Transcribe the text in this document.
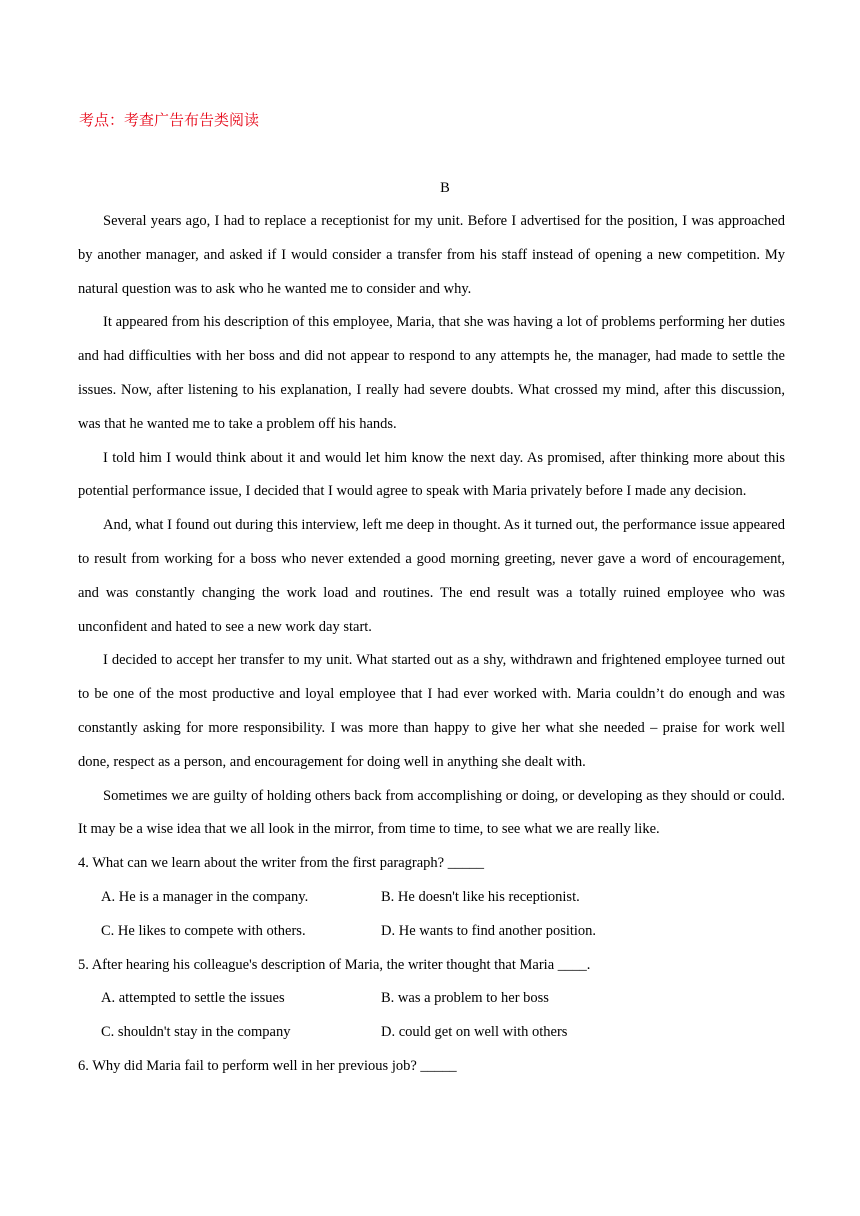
考点：考查广告布告类阅读
B

Several years ago, I had to replace a receptionist for my unit. Before I advertised for the position, I was approached by another manager, and asked if I would consider a transfer from his staff instead of opening a new competition. My natural question was to ask who he wanted me to consider and why.

It appeared from his description of this employee, Maria, that she was having a lot of problems performing her duties and had difficulties with her boss and did not appear to respond to any attempts he, the manager, had made to settle the issues. Now, after listening to his explanation, I really had severe doubts. What crossed my mind, after this discussion, was that he wanted me to take a problem off his hands.

I told him I would think about it and would let him know the next day. As promised, after thinking more about this potential performance issue, I decided that I would agree to speak with Maria privately before I made any decision.

And, what I found out during this interview, left me deep in thought. As it turned out, the performance issue appeared to result from working for a boss who never extended a good morning greeting, never gave a word of encouragement, and was constantly changing the work load and routines. The end result was a totally ruined employee who was unconfident and hated to see a new work day start.

I decided to accept her transfer to my unit. What started out as a shy, withdrawn and frightened employee turned out to be one of the most productive and loyal employee that I had ever worked with. Maria couldn’t do enough and was constantly asking for more responsibility. I was more than happy to give her what she needed – praise for work well done, respect as a person, and encouragement for doing well in anything she dealt with.

Sometimes we are guilty of holding others back from accomplishing or doing, or developing as they should or could. It may be a wise idea that we all look in the mirror, from time to time, to see what we are really like.

4. What can we learn about the writer from the first paragraph? _____

A. He is a manager in the company.	B. He doesn't like his receptionist.
C. He likes to compete with others.	D. He wants to find another position.

5. After hearing his colleague's description of Maria, the writer thought that Maria ____.

A. attempted to settle the issues	B. was a problem to her boss
C. shouldn't stay in the company	D. could get on well with others

6. Why did Maria fail to perform well in her previous job? _____
